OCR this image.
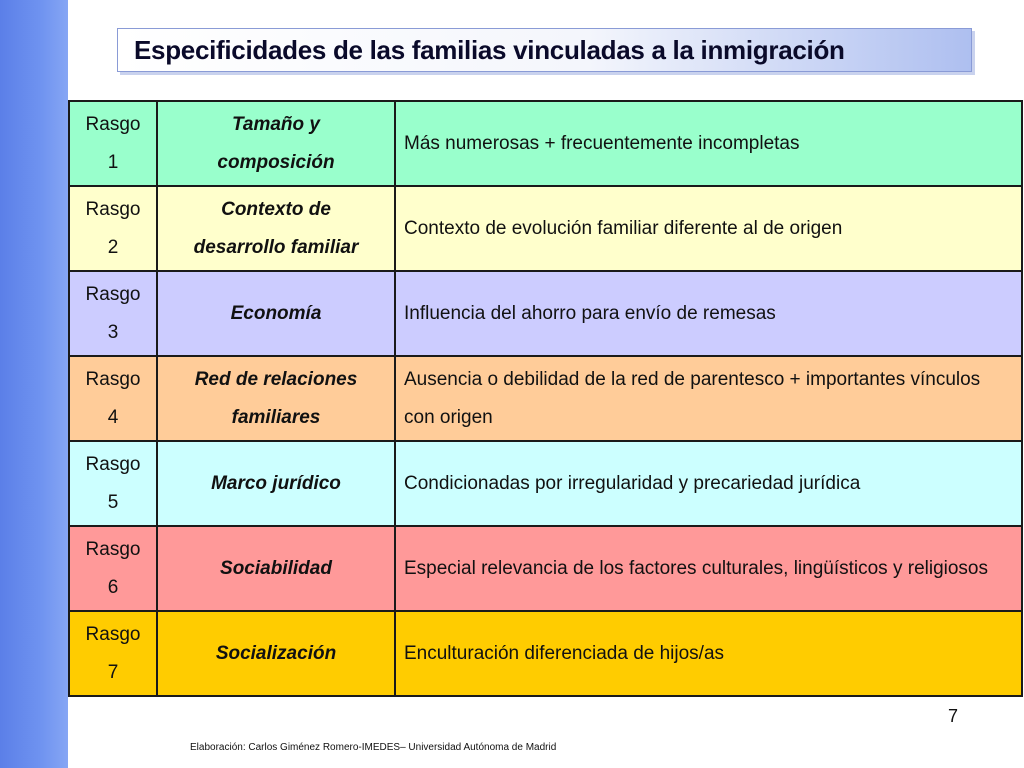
Especificidades de las familias vinculadas a la inmigración
Rasgo
1	Tamaño y
composición	Más numerosas + frecuentemente incompletas

Rasgo
2	Contexto de
desarrollo familiar	Contexto de evolución familiar diferente al de origen

Rasgo
3	Economía	Influencia del ahorro para envío de remesas

Rasgo
4	Red de relaciones
familiares	Ausencia o debilidad de la red de parentesco + importantes vínculos con origen

Rasgo
5	Marco jurídico	Condicionadas por irregularidad y precariedad jurídica

Rasgo
6	Sociabilidad	Especial relevancia de los factores culturales, lingüísticos y religiosos

Rasgo
7	Socialización	Enculturación diferenciada de hijos/as
7
Elaboración: Carlos Giménez Romero-IMEDES– Universidad Autónoma de Madrid
